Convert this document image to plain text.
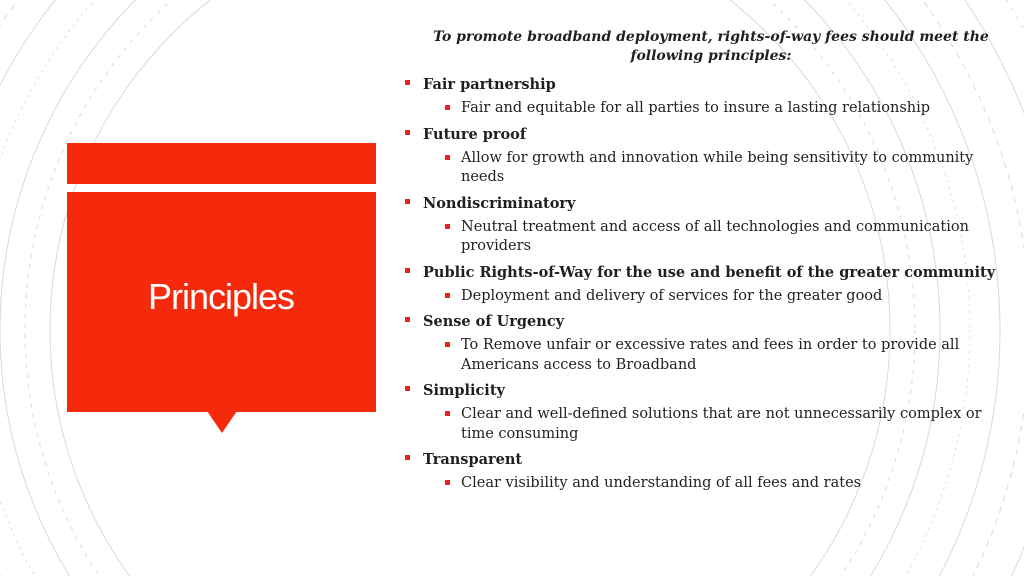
Principles
To promote broadband deployment, rights-of-way fees should meet the following principles:
Fair partnership
Fair and equitable for all parties to insure a lasting relationship
Future proof
Allow for growth and innovation while being sensitivity to community needs
Nondiscriminatory
Neutral treatment and access of all technologies and communication providers
Public Rights-of-Way for the use and benefit of the greater community
Deployment and delivery of services for the greater good
Sense of Urgency
To Remove unfair or excessive rates and fees in order to provide all Americans access to Broadband
Simplicity
Clear and well-defined solutions that are not unnecessarily complex or time consuming
Transparent
Clear visibility and understanding of all fees and rates
